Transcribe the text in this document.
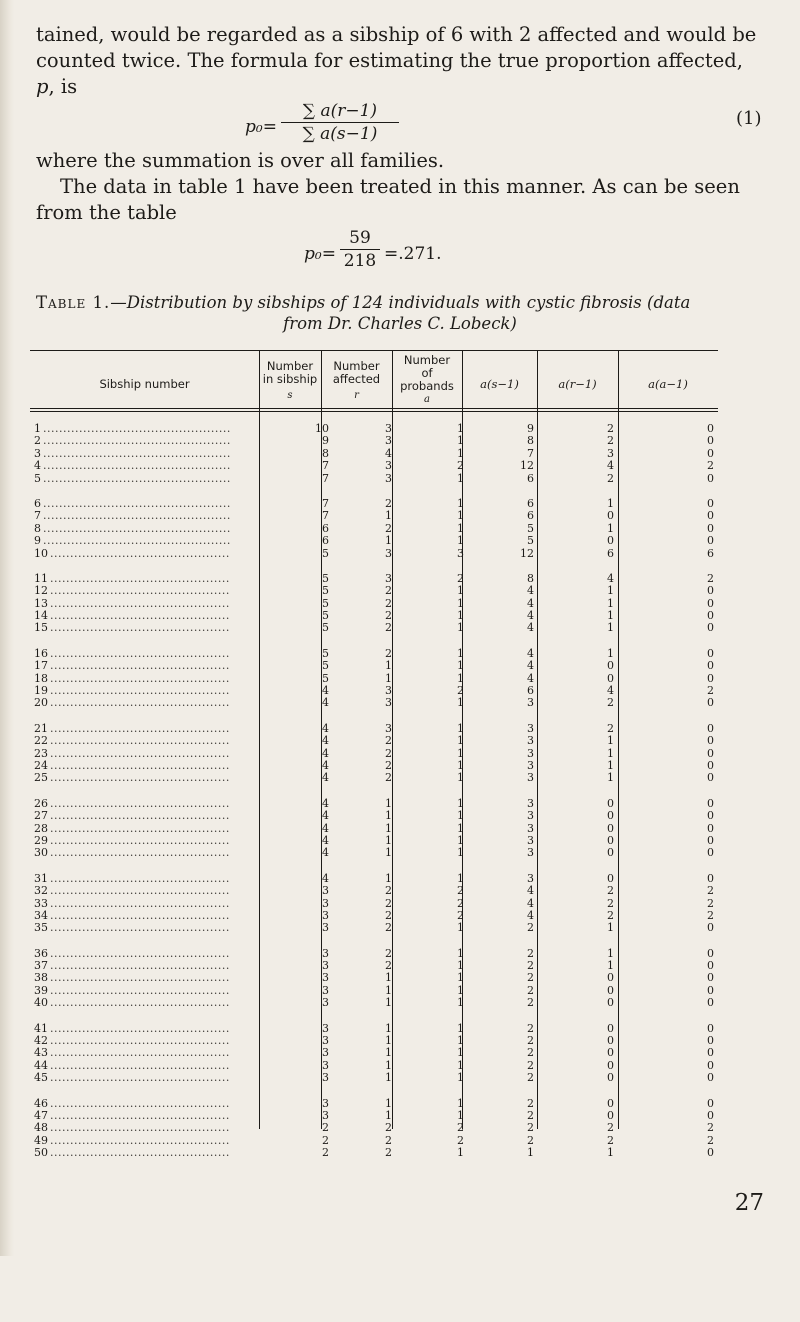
tained, would be regarded as a sibship of 6 with 2 affected and would be counted twice. The formula for estimating the true proportion affected, p, is

p₀=
∑ a(r−1)
∑ a(s−1)
(1)

where the summation is over all families.

The data in table 1 have been treated in this manner. As can be seen from the table

p₀=
59
218 =.271.
Table 1.—Distribution by sibships of 124 individuals with cystic fibrosis (data
from Dr. Charles C. Lobeck)
Sibship number
Number
in sibship
s
Number
affected
r
Number
of
probands
a
a(s−1)	a(r−1)	a(a−1)
1 .....	10	3	1	9	2	0
2 .....	9	3	1	8	2	0
3 .....	8	4	1	7	3	0
4 .....	7	3	2	12	4	2
5 .....	7	3	1	6	2	0
6 .....	7	2	1	6	1	0
7 .....	7	1	1	6	0	0
8 .....	6	2	1	5	1	0
9 .....	6	1	1	5	0	0
10 .....	5	3	3	12	6	6
11 .....	5	3	2	8	4	2
12 .....	5	2	1	4	1	0
13 .....	5	2	1	4	1	0
14 .....	5	2	1	4	1	0
15 .....	5	2	1	4	1	0
16 .....	5	2	1	4	1	0
17 .....	5	1	1	4	0	0
18 .....	5	1	1	4	0	0
19 .....	4	3	2	6	4	2
20 .....	4	3	1	3	2	0
21 .....	4	3	1	3	2	0
22 .....	4	2	1	3	1	0
23 .....	4	2	1	3	1	0
24 .....	4	2	1	3	1	0
25 .....	4	2	1	3	1	0
26 .....	4	1	1	3	0	0
27 .....	4	1	1	3	0	0
28 .....	4	1	1	3	0	0
29 .....	4	1	1	3	0	0
30 .....	4	1	1	3	0	0
31 .....	4	1	1	3	0	0
32 .....	3	2	2	4	2	2
33 .....	3	2	2	4	2	2
34 .....	3	2	2	4	2	2
35 .....	3	2	1	2	1	0
36 .....	3	2	1	2	1	0
37 .....	3	2	1	2	1	0
38 .....	3	1	1	2	0	0
39 .....	3	1	1	2	0	0
40 .....	3	1	1	2	0	0
41 .....	3	1	1	2	0	0
42 .....	3	1	1	2	0	0
43 .....	3	1	1	2	0	0
44 .....	3	1	1	2	0	0
45 .....	3	1	1	2	0	0
46 .....	3	1	1	2	0	0
47 .....	3	1	1	2	0	0
48 .....	2	2	2	2	2	2
49 .....	2	2	2	2	2	2
50 .....	2	2	1	1	1	0
27
